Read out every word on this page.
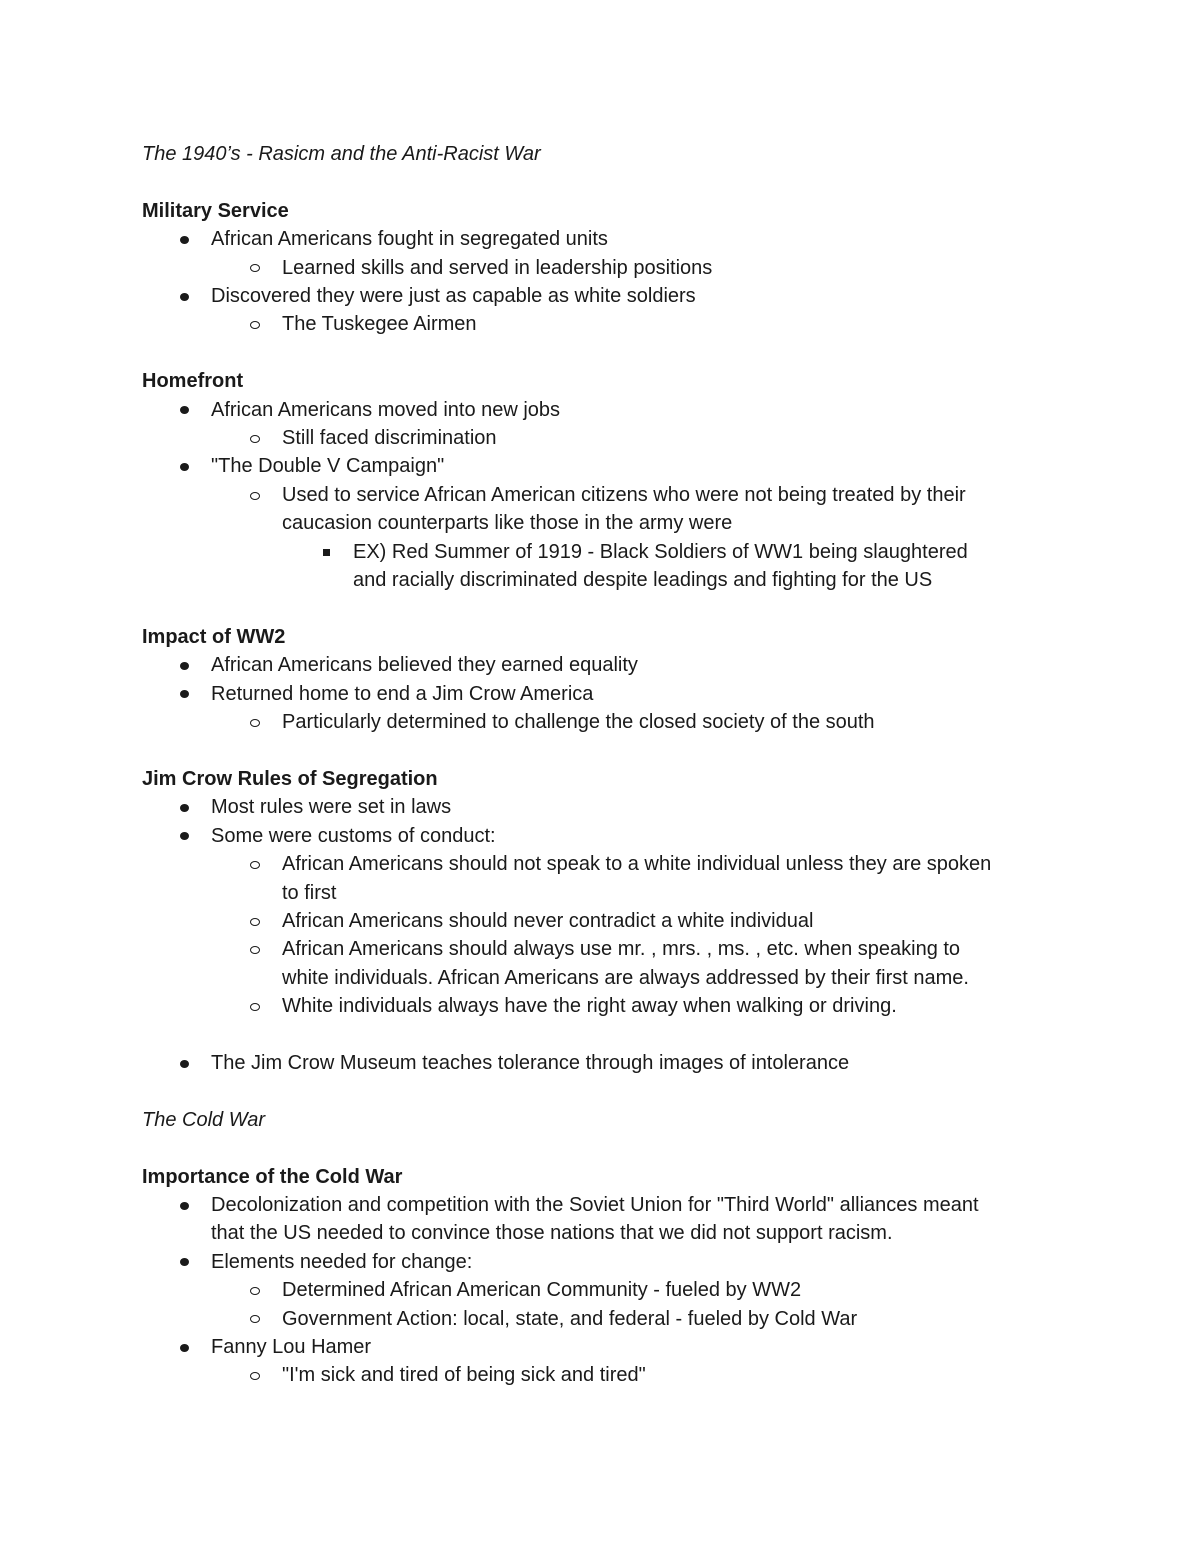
The 1940’s - Rasicm and the Anti-Racist War
Military Service
African Americans fought in segregated units
Learned skills and served in leadership positions
Discovered they were just as capable as white soldiers
The Tuskegee Airmen
Homefront
African Americans moved into new jobs
Still faced discrimination
"The Double V Campaign"
Used to service African American citizens who were not being treated by their
caucasion counterparts like those in the army were
EX) Red Summer of 1919 - Black Soldiers of WW1 being slaughtered
and racially discriminated despite leadings and fighting for the US
Impact of WW2
African Americans believed they earned equality
Returned home to end a Jim Crow America
Particularly determined to challenge the closed society of the south
Jim Crow Rules of Segregation
Most rules were set in laws
Some were customs of conduct:
African Americans should not speak to a white individual unless they are spoken
to first
African Americans should never contradict a white individual
African Americans should always use mr. , mrs. , ms. , etc. when speaking to
white individuals. African Americans are always addressed by their first name.
White individuals always have the right away when walking or driving.
The Jim Crow Museum teaches tolerance through images of intolerance
The Cold War
Importance of the Cold War
Decolonization and competition with the Soviet Union for "Third World" alliances meant
that the US needed to convince those nations that we did not support racism.
Elements needed for change:
Determined African American Community - fueled by WW2
Government Action: local, state, and federal - fueled by Cold War
Fanny Lou Hamer
"I'm sick and tired of being sick and tired"
